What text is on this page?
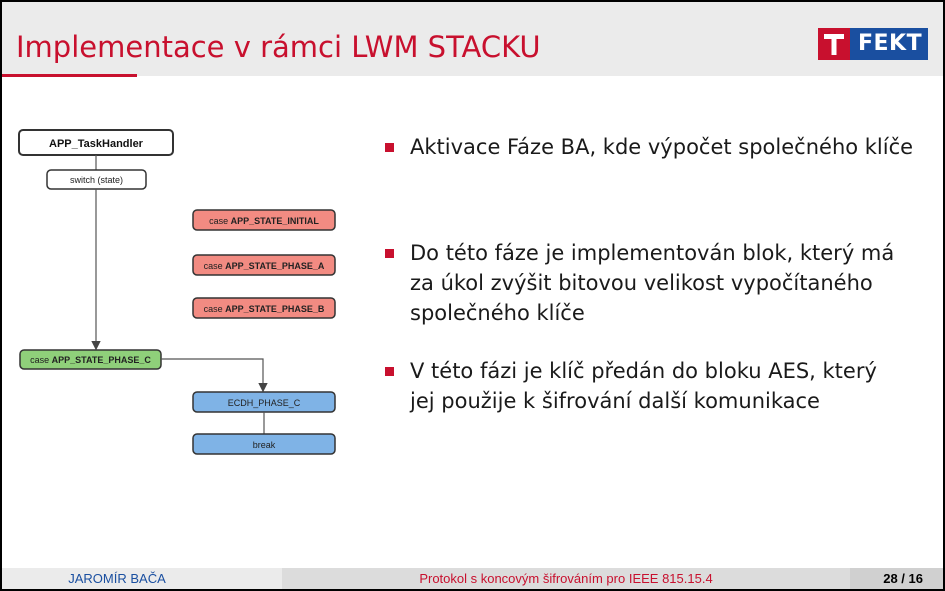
Implementace v rámci LWM STACKU	FEKT
APP_TaskHandler
switch (state)
case APP_STATE_INITIAL
case APP_STATE_PHASE_A
case APP_STATE_PHASE_B
case APP_STATE_PHASE_C
ECDH_PHASE_C
break
Aktivace Fáze BA, kde výpočet společného klíče
Do této fáze je implementován blok, který má
za úkol zvýšit bitovou velikost vypočítaného
společného klíče
V této fázi je klíč předán do bloku AES, který
jej použije k šifrování další komunikace
JAROMÍR BAČA	Protokol s koncovým šifrováním pro IEEE 815.15.4	28 / 16
